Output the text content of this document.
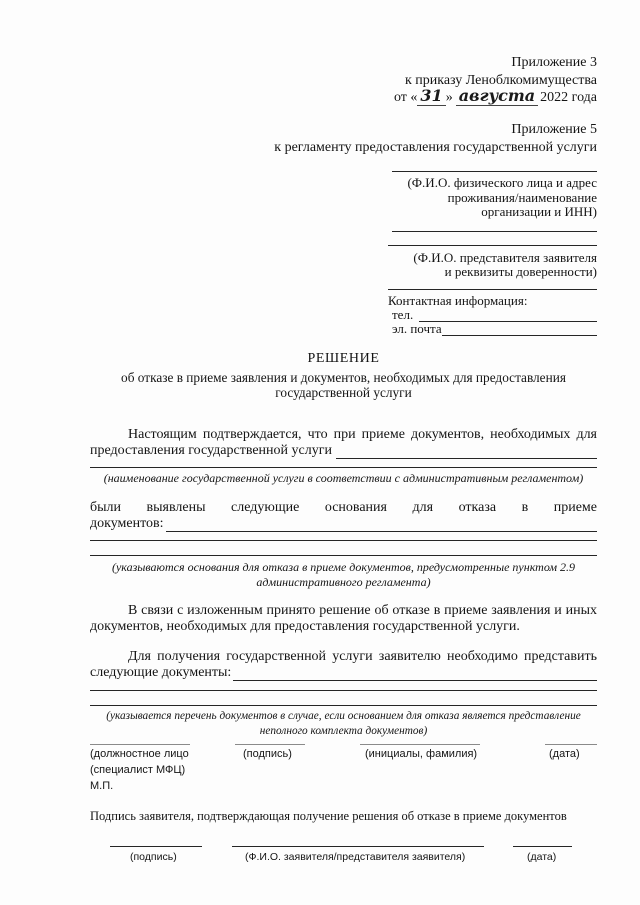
Приложение 3
к приказу Леноблкомимущества
от « 31 » августа 2022 года
Приложение 5
к регламенту предоставления государственной услуги
(Ф.И.О. физического лица и адрес
проживания/наименование
организации и ИНН)
(Ф.И.О. представителя заявителя
и реквизиты доверенности)
Контактная информация:
тел.
эл. почта
РЕШЕНИЕ
об отказе в приеме заявления и документов, необходимых для предоставления
государственной услуги
Настоящим подтверждается, что при приеме документов, необходимых для
предоставления государственной услуги
(наименование государственной услуги в соответствии с административным регламентом)
были выявлены следующие основания для отказа в приеме
документов:
(указываются основания для отказа в приеме документов, предусмотренные пунктом 2.9
административного регламента)
В связи с изложенным принято решение об отказе в приеме заявления и иных
документов, необходимых для предоставления государственной услуги.
Для получения государственной услуги заявителю необходимо представить
следующие документы:
(указывается перечень документов в случае, если основанием для отказа является представление
неполного комплекта документов)
(должностное лицо	(подпись)	(инициалы, фамилия)	(дата)
(специалист МФЦ)
М.П.
Подпись заявителя, подтверждающая получение решения об отказе в приеме документов
(подпись)	(Ф.И.О. заявителя/представителя заявителя)	(дата)
